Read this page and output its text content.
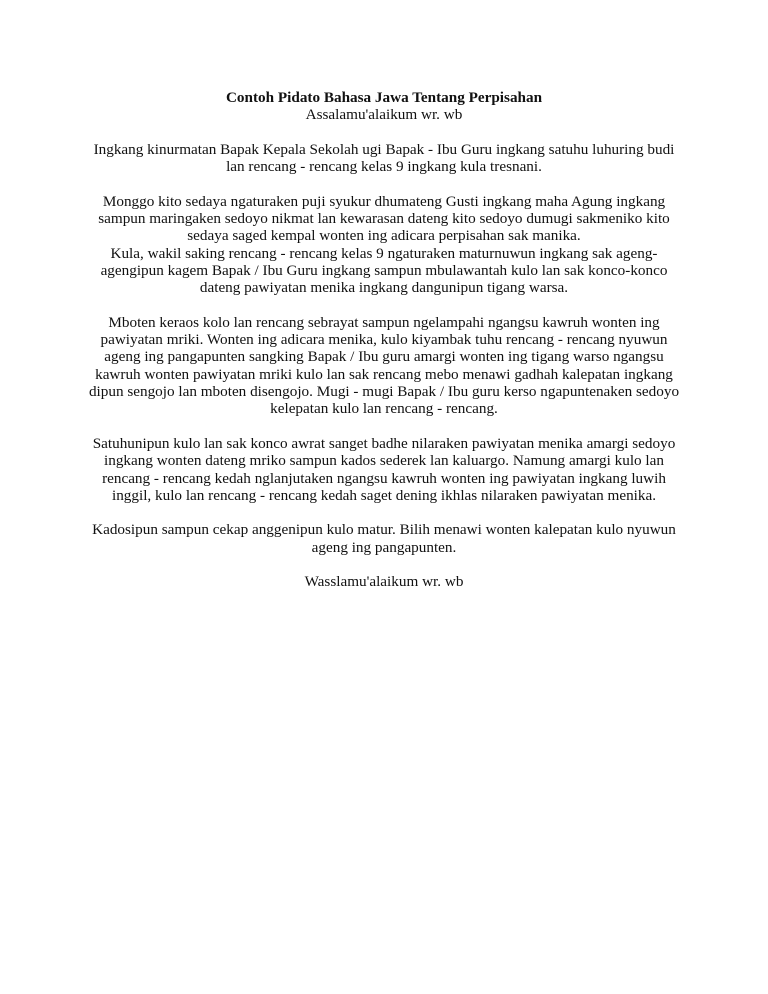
Contoh Pidato Bahasa Jawa Tentang Perpisahan

Assalamu'alaikum wr. wb

Ingkang kinurmatan Bapak Kepala Sekolah ugi Bapak - Ibu Guru ingkang satuhu luhuring budi
lan rencang - rencang kelas 9 ingkang kula tresnani.

Monggo kito sedaya ngaturaken puji syukur dhumateng Gusti ingkang maha Agung ingkang
sampun maringaken sedoyo nikmat lan kewarasan dateng kito sedoyo dumugi sakmeniko kito
sedaya saged kempal wonten ing adicara perpisahan sak manika.
Kula, wakil saking rencang - rencang kelas 9 ngaturaken maturnuwun ingkang sak ageng-
agengipun kagem Bapak / Ibu Guru ingkang sampun mbulawantah kulo lan sak konco-konco
dateng pawiyatan menika ingkang dangunipun tigang warsa.

Mboten keraos kolo lan rencang sebrayat sampun ngelampahi ngangsu kawruh wonten ing
pawiyatan mriki. Wonten ing adicara menika, kulo kiyambak tuhu rencang - rencang nyuwun
ageng ing pangapunten sangking Bapak / Ibu guru amargi wonten ing tigang warso ngangsu
kawruh wonten pawiyatan mriki kulo lan sak rencang mebo menawi gadhah kalepatan ingkang
dipun sengojo lan mboten disengojo. Mugi - mugi Bapak / Ibu guru kerso ngapuntenaken sedoyo
kelepatan kulo lan rencang - rencang.

Satuhunipun kulo lan sak konco awrat sanget badhe nilaraken pawiyatan menika amargi sedoyo
ingkang wonten dateng mriko sampun kados sederek lan kaluargo. Namung amargi kulo lan
rencang - rencang kedah nglanjutaken ngangsu kawruh wonten ing pawiyatan ingkang luwih
inggil, kulo lan rencang - rencang kedah saget dening ikhlas nilaraken pawiyatan menika.

Kadosipun sampun cekap anggenipun kulo matur. Bilih menawi wonten kalepatan kulo nyuwun
ageng ing pangapunten.

Wasslamu'alaikum wr. wb
